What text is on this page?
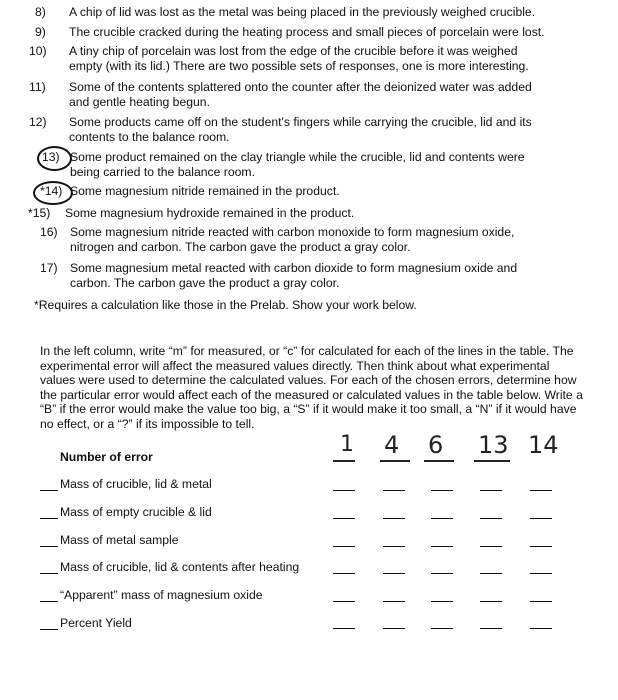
8) A chip of lid was lost as the metal was being placed in the previously weighed crucible.
9) The crucible cracked during the heating process and small pieces of porcelain were lost.
10) A tiny chip of porcelain was lost from the edge of the crucible before it was weighed
empty (with its lid.) There are two possible sets of responses, one is more interesting.
11) Some of the contents splattered onto the counter after the deionized water was added
and gentle heating begun.
12) Some products came off on the student's fingers while carrying the crucible, lid and its
contents to the balance room.
13) Some product remained on the clay triangle while the crucible, lid and contents were
being carried to the balance room.
*14) Some magnesium nitride remained in the product.
*15) Some magnesium hydroxide remained in the product.
16) Some magnesium nitride reacted with carbon monoxide to form magnesium oxide,
nitrogen and carbon. The carbon gave the product a gray color.
17) Some magnesium metal reacted with carbon dioxide to form magnesium oxide and
carbon. The carbon gave the product a gray color.
*Requires a calculation like those in the Prelab. Show your work below.
In the left column, write “m” for measured, or “c” for calculated for each of the lines in the table. The experimental error will affect the measured values directly. Then think about what experimental values were used to determine the calculated values. For each of the chosen errors, determine how the particular error would affect each of the measured or calculated values in the table below. Write a “B” if the error would make the value too big, a “S” if it would make it too small, a “N” if it would have no effect, or a “?” if its impossible to tell.
1 4 6 13 14
Number of error
Mass of crucible, lid & metal
Mass of empty crucible & lid
Mass of metal sample
Mass of crucible, lid & contents after heating
“Apparent” mass of magnesium oxide
Percent Yield
